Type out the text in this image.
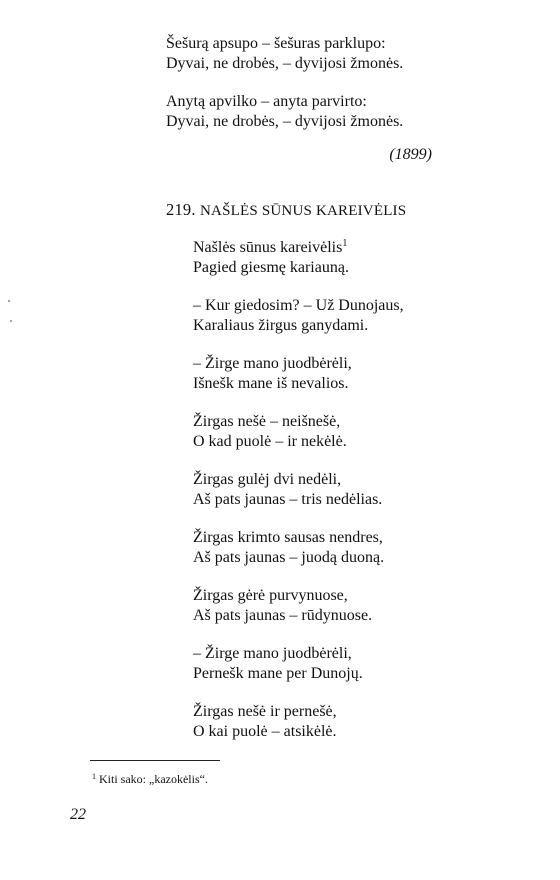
Šešurą apsupo – šešuras parklupo:
Dyvai, ne drobės, – dyvijosi žmonės.
Anytą apvilko – anyta parvirto:
Dyvai, ne drobės, – dyvijosi žmonės.
(1899)
219. NAŠLĖS SŪNUS KAREIVĖLIS
Našlės sūnus kareivėlis$^1$
Pagied giesmę kariauną.
– Kur giedosim? – Už Dunojaus,
Karaliaus žirgus ganydami.
– Žirge mano juodbėrėli,
Išnešk mane iš nevalios.
Žirgas nešė – neišnešė,
O kad puolė – ir nekėlė.
Žirgas gulėj dvi nedėli,
Aš pats jaunas – tris nedėlias.
Žirgas krimto sausas nendres,
Aš pats jaunas – juodą duoną.
Žirgas gėrė purvynuose,
Aš pats jaunas – rūdynuose.
– Žirge mano juodbėrėli,
Pernešk mane per Dunojų.
Žirgas nešė ir pernešė,
O kai puolė – atsikėlė.
$^1$ Kiti sako: „kazokėlis“.
22
